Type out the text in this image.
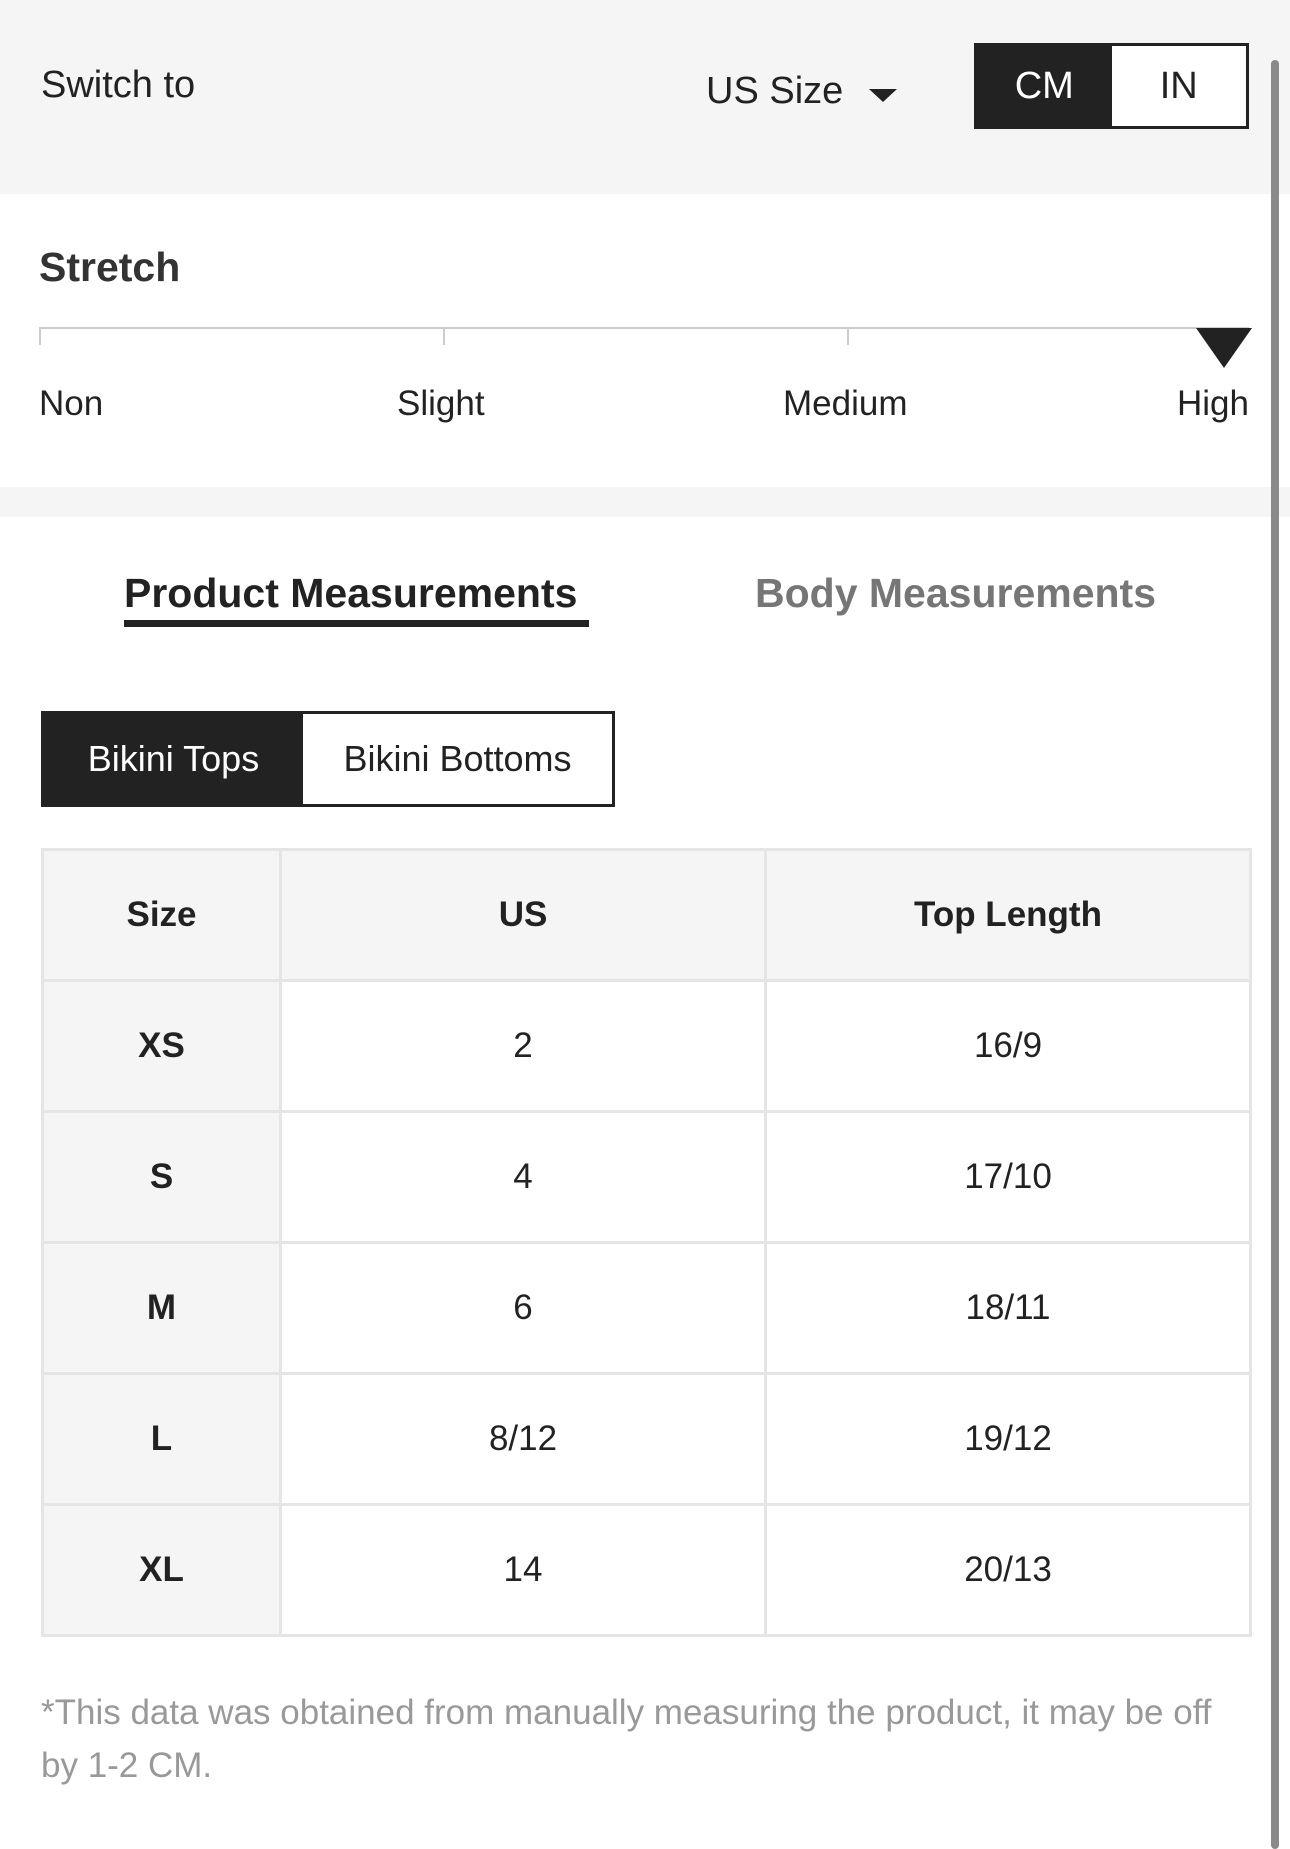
Switch to	US Size	CM	IN
Stretch
Non	Slight	Medium	High
Product Measurements	Body Measurements
Bikini Tops	Bikini Bottoms
Size	US	Top Length
XS	2	16/9
S	4	17/10
M	6	18/11
L	8/12	19/12
XL	14	20/13

*This data was obtained from manually measuring the product, it may be off by 1-2 CM.
